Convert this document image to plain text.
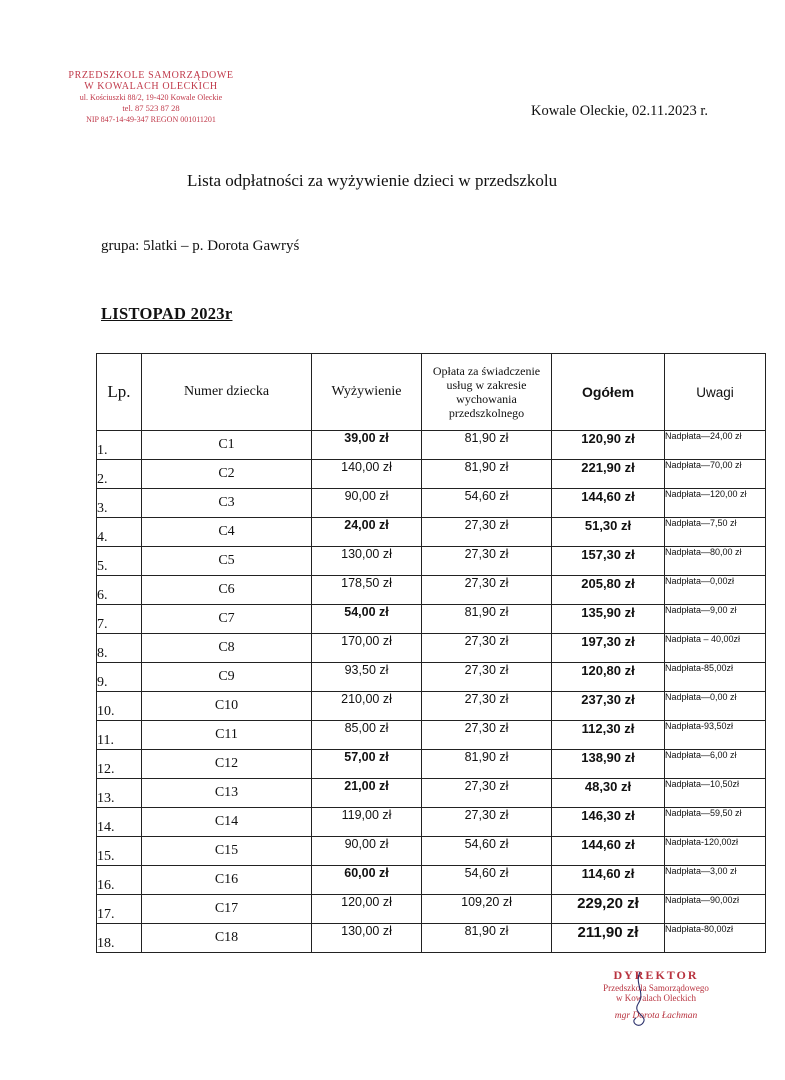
PRZEDSZKOLE SAMORZĄDOWE
W KOWALACH OLECKICH
ul. Kościuszki 88/2, 19-420 Kowale Oleckie
tel. 87 523 87 28
NIP 847-14-49-347 REGON 001011201
Kowale Oleckie, 02.11.2023 r.
Lista odpłatności za wyżywienie dzieci w przedszkolu
grupa: 5latki – p. Dorota Gawryś
LISTOPAD 2023r
Lp.	Numer dziecka	Wyżywienie	Opłata za świadczenie usług w zakresie wychowania przedszkolnego	Ogółem	Uwagi
1.	C1	39,00 zł	81,90 zł	120,90 zł	Nadpłata—24,00 zł
2.	C2	140,00 zł	81,90 zł	221,90 zł	Nadpłata—70,00 zł
3.	C3	90,00 zł	54,60 zł	144,60 zł	Nadpłata—120,00 zł
4.	C4	24,00 zł	27,30 zł	51,30 zł	Nadpłata—7,50 zł
5.	C5	130,00 zł	27,30 zł	157,30 zł	Nadpłata—80,00 zł
6.	C6	178,50 zł	27,30 zł	205,80 zł	Nadpłata—0,00zł
7.	C7	54,00 zł	81,90 zł	135,90 zł	Nadpłata—9,00 zł
8.	C8	170,00 zł	27,30 zł	197,30 zł	Nadpłata – 40,00zł
9.	C9	93,50 zł	27,30 zł	120,80 zł	Nadpłata-85,00zł
10.	C10	210,00 zł	27,30 zł	237,30 zł	Nadpłata—0,00 zł
11.	C11	85,00 zł	27,30 zł	112,30 zł	Nadpłata-93,50zł
12.	C12	57,00 zł	81,90 zł	138,90 zł	Nadpłata—6,00 zł
13.	C13	21,00 zł	27,30 zł	48,30 zł	Nadpłata—10,50zł
14.	C14	119,00 zł	27,30 zł	146,30 zł	Nadpłata—59,50 zł
15.	C15	90,00 zł	54,60 zł	144,60 zł	Nadpłata-120,00zł
16.	C16	60,00 zł	54,60 zł	114,60 zł	Nadpłata—3,00 zł
17.	C17	120,00 zł	109,20 zł	229,20 zł	Nadpłata—90,00zł
18.	C18	130,00 zł	81,90 zł	211,90 zł	Nadpłata-80,00zł
DYREKTOR
Przedszkola Samorządowego
w Kowalach Oleckich
mgr Dorota Łachman
